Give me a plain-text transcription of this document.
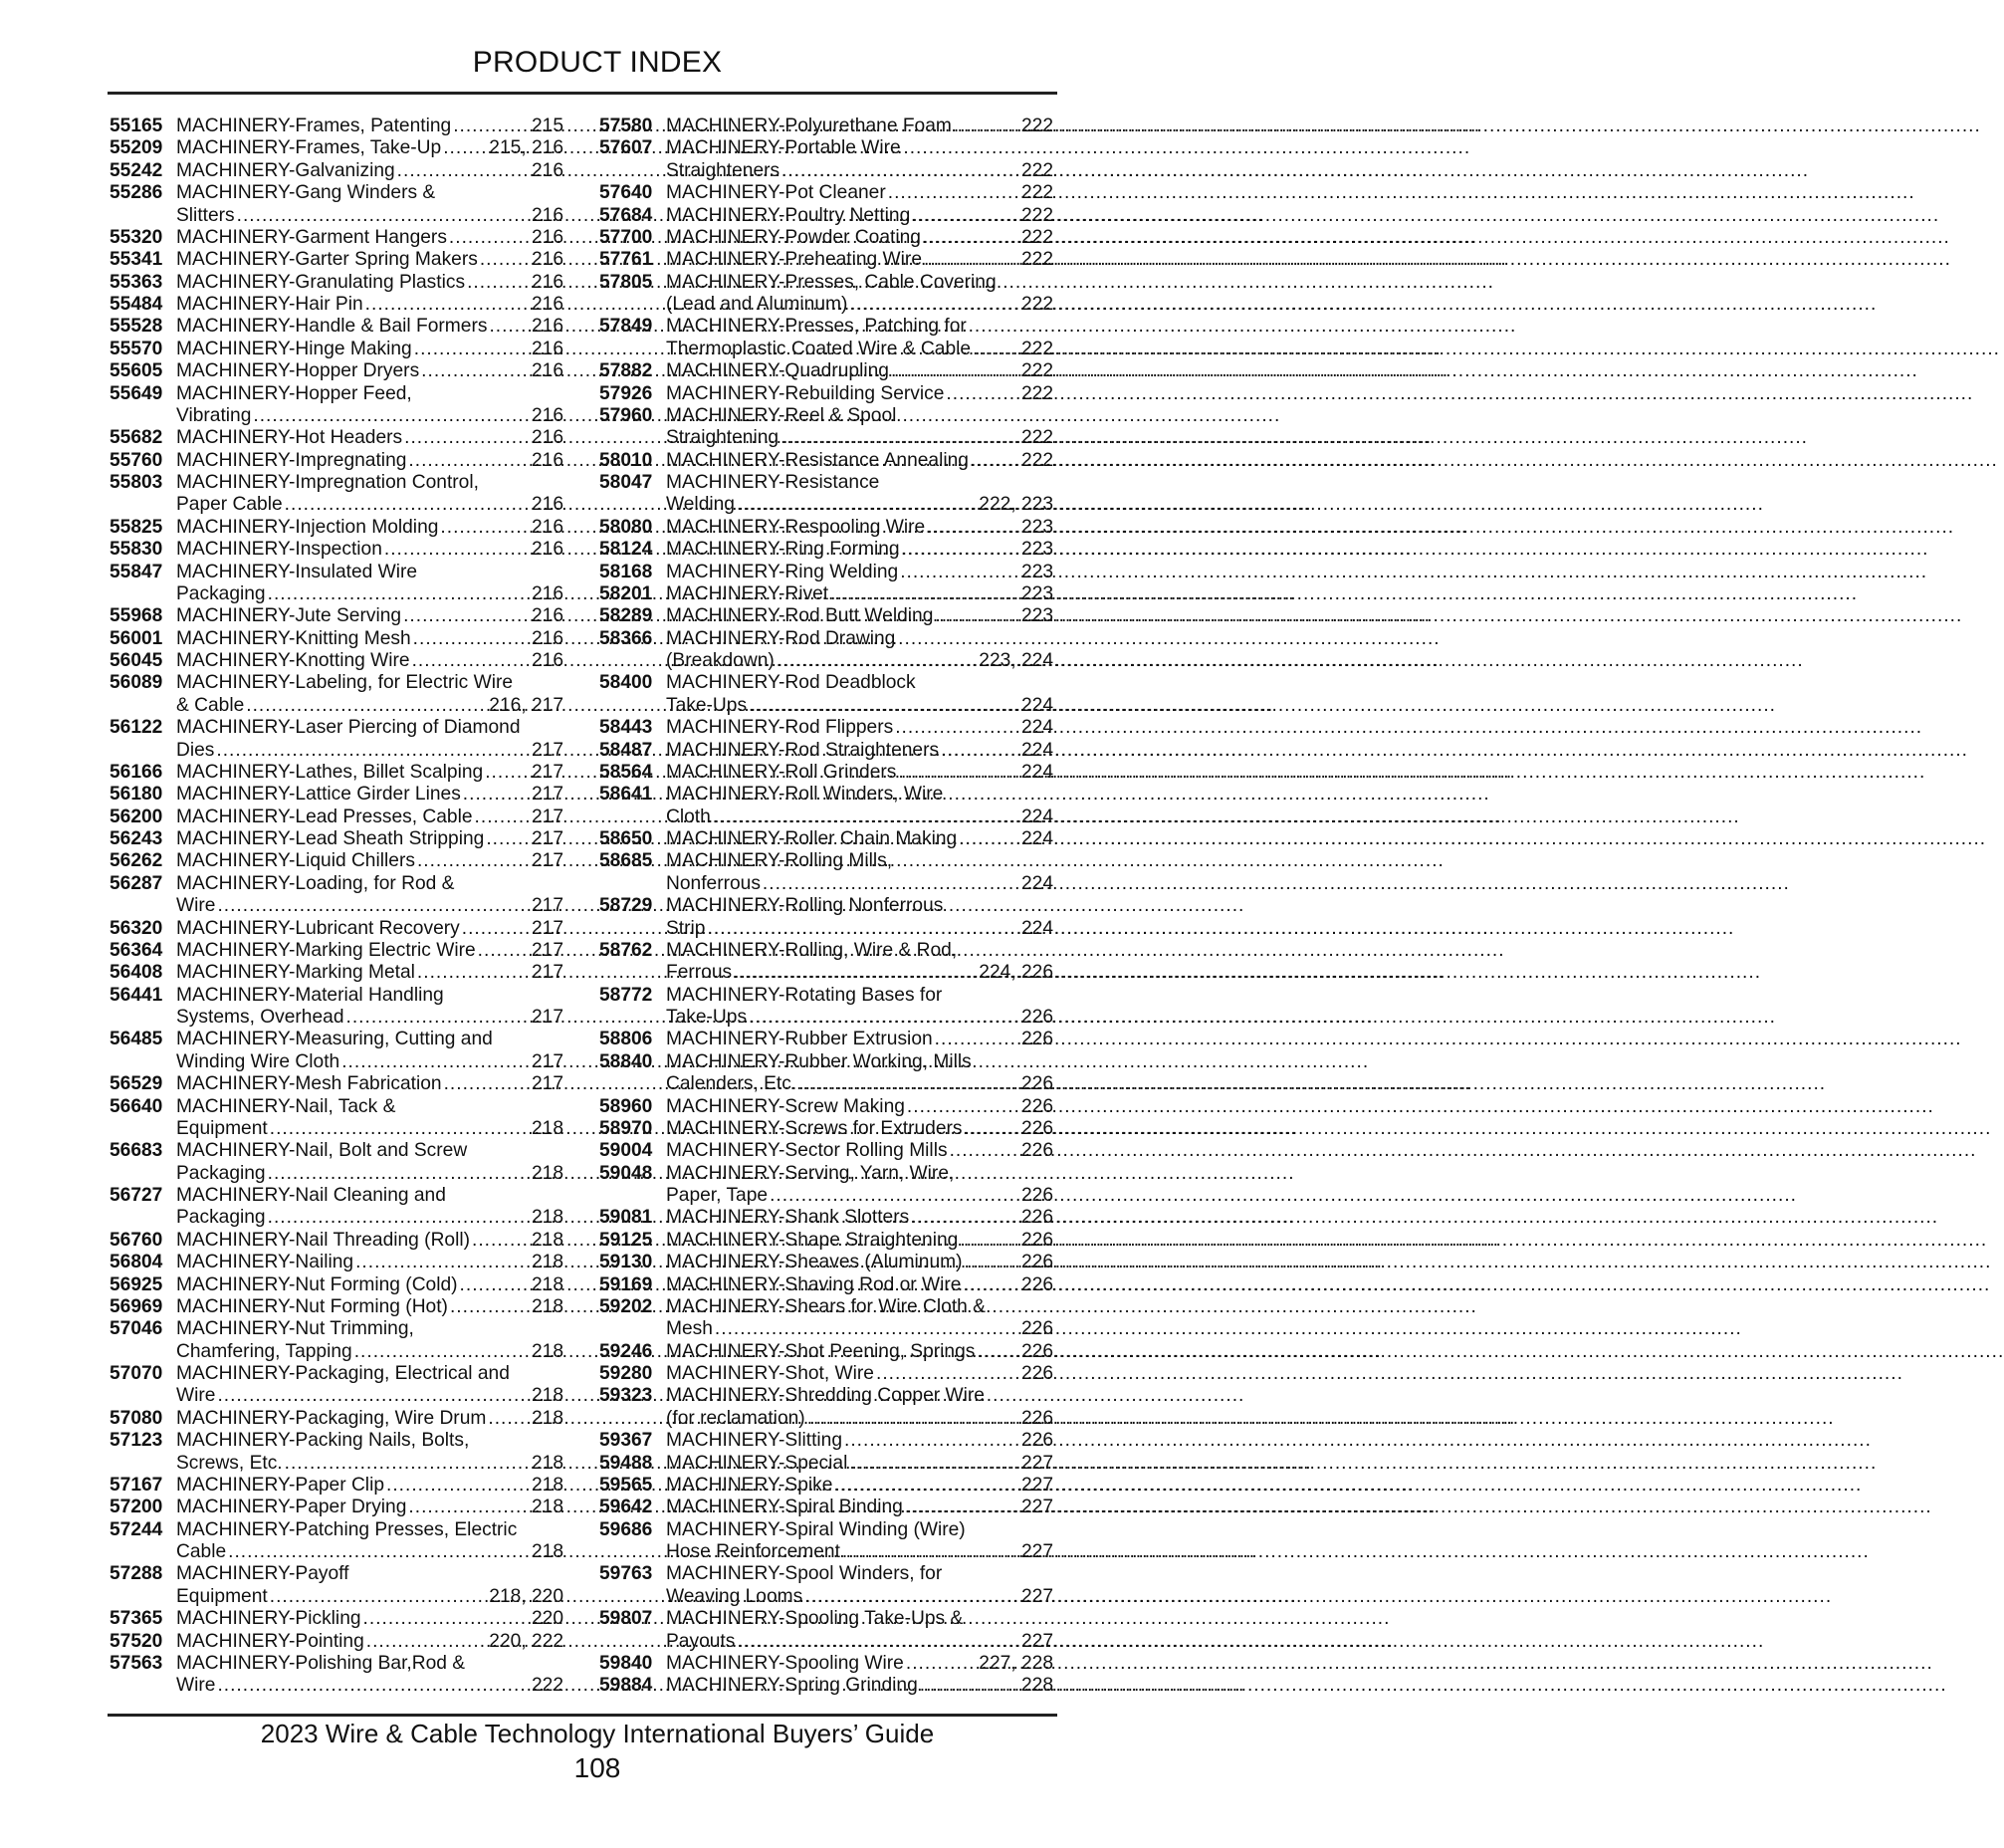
PRODUCT INDEX
55165 MACHINERY-Frames, Patenting .....	215
55209 MACHINERY-Frames, Take-Up .....	215, 216
55242 MACHINERY-Galvanizing .....	216
55286 MACHINERY-Gang Winders &
Slitters .....	216
55320 MACHINERY-Garment Hangers .....	216
55341 MACHINERY-Garter Spring Makers .....	216
55363 MACHINERY-Granulating Plastics .....	216
55484 MACHINERY-Hair Pin .....	216
55528 MACHINERY-Handle & Bail Formers ..... 216
55570 MACHINERY-Hinge Making .....	216
55605 MACHINERY-Hopper Dryers .....	216
55649 MACHINERY-Hopper Feed,
Vibrating .....	216
55682 MACHINERY-Hot Headers .....	216
55760 MACHINERY-Impregnating .....	216
55803 MACHINERY-Impregnation Control,
Paper Cable .....	216
55825 MACHINERY-Injection Molding .....	216
55830 MACHINERY-Inspection .....	216
55847 MACHINERY-Insulated Wire
Packaging .....	216
55968 MACHINERY-Jute Serving .....	216
56001 MACHINERY-Knitting Mesh .....	216
56045 MACHINERY-Knotting Wire .....	216
56089 MACHINERY-Labeling, for Electric Wire
& Cable .....	216, 217
56122 MACHINERY-Laser Piercing of Diamond
Dies .....	217
56166 MACHINERY-Lathes, Billet Scalping .....	217
56180 MACHINERY-Lattice Girder Lines .....	217
56200 MACHINERY-Lead Presses, Cable .....	217
56243 MACHINERY-Lead Sheath Stripping ..... 217
56262 MACHINERY-Liquid Chillers .....	217
56287 MACHINERY-Loading, for Rod &
Wire .....	217
56320 MACHINERY-Lubricant Recovery .....	217
56364 MACHINERY-Marking Electric Wire .....	217
56408 MACHINERY-Marking Metal .....	217
56441 MACHINERY-Material Handling
Systems, Overhead .....	217
56485 MACHINERY-Measuring, Cutting and
Winding Wire Cloth .....	217
56529 MACHINERY-Mesh Fabrication .....	217
56640 MACHINERY-Nail, Tack &
Equipment .....	218
56683 MACHINERY-Nail, Bolt and Screw
Packaging .....	218
56727 MACHINERY-Nail Cleaning and
Packaging .....	218
56760 MACHINERY-Nail Threading (Roll) .....	218
56804 MACHINERY-Nailing .....	218
56925 MACHINERY-Nut Forming (Cold) .....	218
56969 MACHINERY-Nut Forming (Hot) .....	218
57046 MACHINERY-Nut Trimming,
Chamfering, Tapping .....	218
57070 MACHINERY-Packaging, Electrical and
Wire .....	218
57080 MACHINERY-Packaging, Wire Drum ..... 218
57123 MACHINERY-Packing Nails, Bolts,
Screws, Etc. .....	218
57167 MACHINERY-Paper Clip .....	218
57200 MACHINERY-Paper Drying .....	218
57244 MACHINERY-Patching Presses, Electric
Cable .....	218
57288 MACHINERY-Payoff
Equipment .....	218, 220
57365 MACHINERY-Pickling .....	220
57520 MACHINERY-Pointing .....	220, 222
57563 MACHINERY-Polishing Bar,Rod &
Wire .....	222
57580 MACHINERY-Polyurethane Foam .....	222
57607 MACHINERY-Portable Wire
Straighteners .....	222
57640 MACHINERY-Pot Cleaner .....	222
57684 MACHINERY-Poultry Netting .....	222
57700 MACHINERY-Powder Coating .....	222
57761 MACHINERY-Preheating Wire .....	222
57805 MACHINERY-Presses, Cable Covering
(Lead and Aluminum) .....	222
57849 MACHINERY-Presses, Patching for
Thermoplastic Coated Wire & Cable .....	222
57882 MACHINERY-Quadrupling .....	222
57926 MACHINERY-Rebuilding Service .....	222
57960 MACHINERY-Reel & Spool
Straightening .....	222
58010 MACHINERY-Resistance Annealing .....	222
58047 MACHINERY-Resistance
Welding .....	222, 223
58080 MACHINERY-Respooling Wire .....	223
58124 MACHINERY-Ring Forming .....	223
58168 MACHINERY-Ring Welding .....	223
58201 MACHINERY-Rivet .....	223
58289 MACHINERY-Rod Butt Welding .....	223
58366 MACHINERY-Rod Drawing
(Breakdown) .....	223, 224
58400 MACHINERY-Rod Deadblock
Take-Ups .....	224
58443 MACHINERY-Rod Flippers .....	224
58487 MACHINERY-Rod Straighteners .....	224
58564 MACHINERY-Roll Grinders .....	224
58641 MACHINERY-Roll Winders, Wire
Cloth .....	224
58650 MACHINERY-Roller Chain Making .....	224
58685 MACHINERY-Rolling Mills,
Nonferrous .....	224
58729 MACHINERY-Rolling Nonferrous
Strip .....	224
58762 MACHINERY-Rolling, Wire & Rod,
Ferrous .....	224, 226
58772 MACHINERY-Rotating Bases for
Take-Ups .....	226
58806 MACHINERY-Rubber Extrusion .....	226
58840 MACHINERY-Rubber Working, Mills
Calenders, Etc. .....	226
58960 MACHINERY-Screw Making .....	226
58970 MACHINERY-Screws for Extruders .....	226
59004 MACHINERY-Sector Rolling Mills .....	226
59048 MACHINERY-Serving, Yarn, Wire,
Paper, Tape .....	226
59081 MACHINERY-Shank Slotters .....	226
59125 MACHINERY-Shape Straightening .....	226
59130 MACHINERY-Sheaves (Aluminum) .....	226
59169 MACHINERY-Shaving Rod or Wire .....	226
59202 MACHINERY-Shears for Wire Cloth &
Mesh .....	226
59246 MACHINERY-Shot Peening, Springs ..... 226
59280 MACHINERY-Shot, Wire .....	226
59323 MACHINERY-Shredding Copper Wire
(for reclamation) .....	226
59367 MACHINERY-Slitting .....	226
59488 MACHINERY-Special .....	227
59565 MACHINERY-Spike .....	227
59642 MACHINERY-Spiral Binding .....	227
59686 MACHINERY-Spiral Winding (Wire)
Hose Reinforcement .....	227
59763 MACHINERY-Spool Winders, for
Weaving Looms .....	227
59807 MACHINERY-Spooling Take-Ups &
Payouts .....	227
59840 MACHINERY-Spooling Wire .....	227, 228
59884 MACHINERY-Spring Grinding .....	228
2023 Wire & Cable Technology International Buyers’ Guide
108
